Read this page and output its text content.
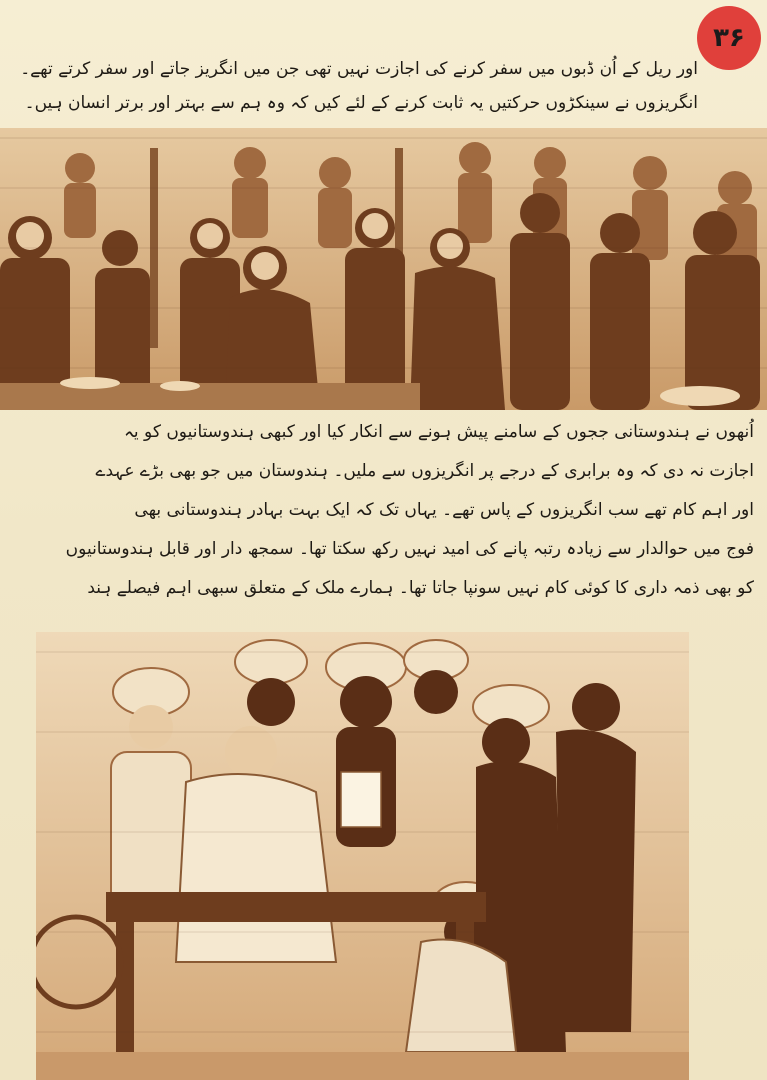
۳۶
اور ریل کے اُن ڈبوں میں سفر کرنے کی اجازت نہیں تھی جن میں انگریز جاتے اور سفر کرتے تھے۔
انگریزوں نے سینکڑوں حرکتیں یہ ثابت کرنے کے لئے کیں کہ وہ ہم سے بہتر اور برتر انسان ہیں۔
اُنھوں نے ہندوستانی ججوں کے سامنے پیش ہونے سے انکار کیا اور کبھی ہندوستانیوں کو یہ
اجازت نہ دی کہ وہ برابری کے درجے پر انگریزوں سے ملیں۔ ہندوستان میں جو بھی بڑے عہدے
اور اہم کام تھے سب انگریزوں کے پاس تھے۔ یہاں تک کہ ایک بہت بہادر ہندوستانی بھی
فوج میں حوالدار سے زیادہ رتبہ پانے کی امید نہیں رکھ سکتا تھا۔ سمجھ دار اور قابل ہندوستانیوں
کو بھی ذمہ داری کا کوئی کام نہیں سونپا جاتا تھا۔ ہمارے ملک کے متعلق سبھی اہم فیصلے ہند
